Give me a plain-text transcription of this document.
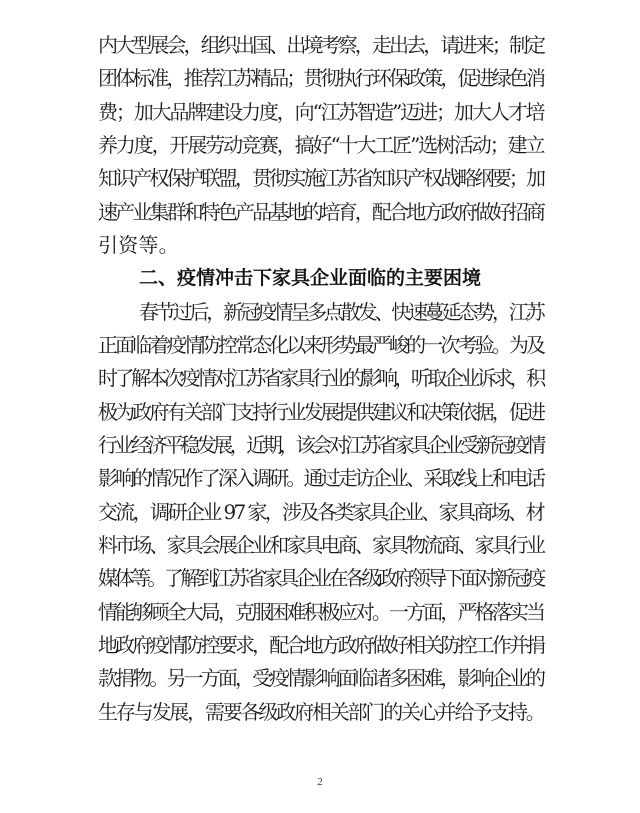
内大型展会，组织出国、出境考察，走出去，请进来；制定
团体标准，推荐江苏精品；贯彻执行环保政策，促进绿色消
费；加大品牌建设力度，向“江苏智造”迈进；加大人才培
养力度，开展劳动竞赛，搞好“十大工匠”选树活动；建立
知识产权保护联盟，贯彻实施江苏省知识产权战略纲要；加
速产业集群和特色产品基地的培育，配合地方政府做好招商
引资等。
二、疫情冲击下家具企业面临的主要困境
春节过后，新冠疫情呈多点散发、快速蔓延态势，江苏
正面临着疫情防控常态化以来形势最严峻的一次考验。为及
时了解本次疫情对江苏省家具行业的影响，听取企业诉求，积
极为政府有关部门支持行业发展提供建议和决策依据，促进
行业经济平稳发展，近期，该会对江苏省家具企业受新冠疫情
影响的情况作了深入调研。通过走访企业、采取线上和电话
交流，调研企业 97 家，涉及各类家具企业、家具商场、材
料市场、家具会展企业和家具电商、家具物流商、家具行业
媒体等。了解到江苏省家具企业在各级政府领导下面对新冠疫
情能够顾全大局，克服困难积极应对。一方面，严格落实当
地政府疫情防控要求，配合地方政府做好相关防控工作并捐
款捐物。另一方面，受疫情影响面临诸多困难，影响企业的
生存与发展，需要各级政府相关部门的关心并给予支持。
2
